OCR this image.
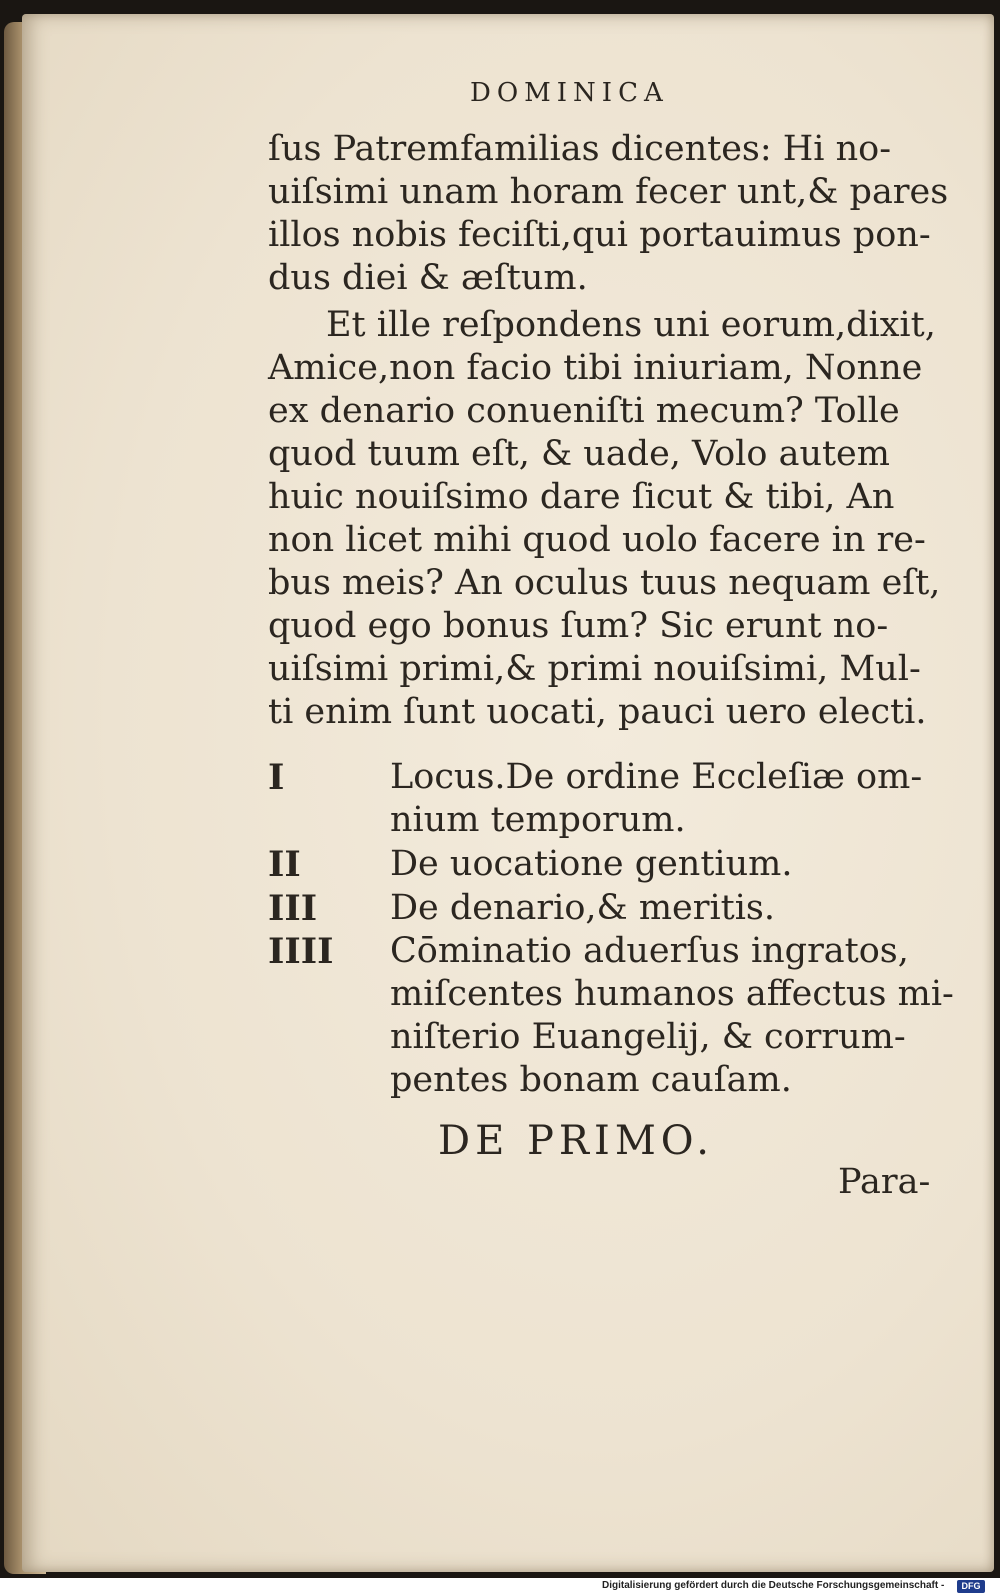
DOMINICA
ſus Patremfamilias dicentes: Hi no-
uiſsimi unam horam fecer unt,& pares
illos nobis feciſti,qui portauimus pon-
dus diei & æſtum.
Et ille reſpondens uni eorum,dixit,
Amice,non facio tibi iniuriam, Nonne
ex denario conueniſti mecum? Tolle
quod tuum eſt, & uade, Volo autem
huic nouiſsimo dare ſicut & tibi, An
non licet mihi quod uolo facere in re-
bus meis? An oculus tuus nequam eſt,
quod ego bonus ſum? Sic erunt no-
uiſsimi primi,& primi nouiſsimi, Mul-
ti enim ſunt uocati, pauci uero electi.
I	Locus.De ordine Eccleſiæ om-
nium temporum.
II	De uocatione gentium.
III De denario,& meritis.
IIII Cōminatio aduerſus ingratos,
miſcentes humanos affectus mi-
niſterio Euangelij, & corrum-
pentes bonam cauſam.
DE PRIMO.
Para-
Digitalisierung gefördert durch die Deutsche Forschungsgemeinschaft -	DFG
